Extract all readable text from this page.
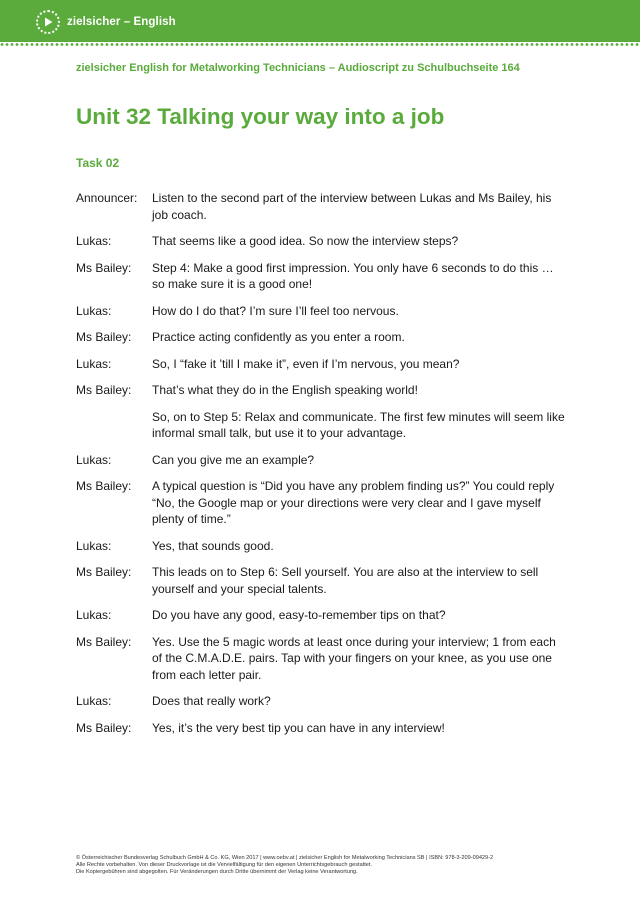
zielsicher – English
zielsicher English for Metalworking Technicians – Audioscript zu Schulbuchseite 164
Unit 32 Talking your way into a job
Task 02
Announcer:	Listen to the second part of the interview between Lukas and Ms Bailey, his job coach.
Lukas:	That seems like a good idea. So now the interview steps?
Ms Bailey:	Step 4: Make a good first impression. You only have 6 seconds to do this … so make sure it is a good one!
Lukas:	How do I do that? I’m sure I’ll feel too nervous.
Ms Bailey:	Practice acting confidently as you enter a room.
Lukas:	So, I “fake it ’till I make it”, even if I’m nervous, you mean?
Ms Bailey:	That’s what they do in the English speaking world!
So, on to Step 5: Relax and communicate. The first few minutes will seem like informal small talk, but use it to your advantage.
Lukas:	Can you give me an example?
Ms Bailey:	A typical question is “Did you have any problem finding us?” You could reply “No, the Google map or your directions were very clear and I gave myself plenty of time.”
Lukas:	Yes, that sounds good.
Ms Bailey:	This leads on to Step 6: Sell yourself. You are also at the interview to sell yourself and your special talents.
Lukas:	Do you have any good, easy-to-remember tips on that?
Ms Bailey:	Yes. Use the 5 magic words at least once during your interview; 1 from each of the C.M.A.D.E. pairs. Tap with your fingers on your knee, as you use one from each letter pair.
Lukas:	Does that really work?
Ms Bailey:	Yes, it’s the very best tip you can have in any interview!
© Österreichischer Bundesverlag Schulbuch GmbH & Co. KG, Wien 2017 | www.oebv.at | zielsicher English for Metalworking Technicians SB | ISBN: 978-3-209-09429-2
Alle Rechte vorbehalten. Von dieser Druckvorlage ist die Vervielfältigung für den eigenen Unterrichtsgebrauch gestattet.
Die Kopiergebühren sind abgegolten. Für Veränderungen durch Dritte übernimmt der Verlag keine Verantwortung.
